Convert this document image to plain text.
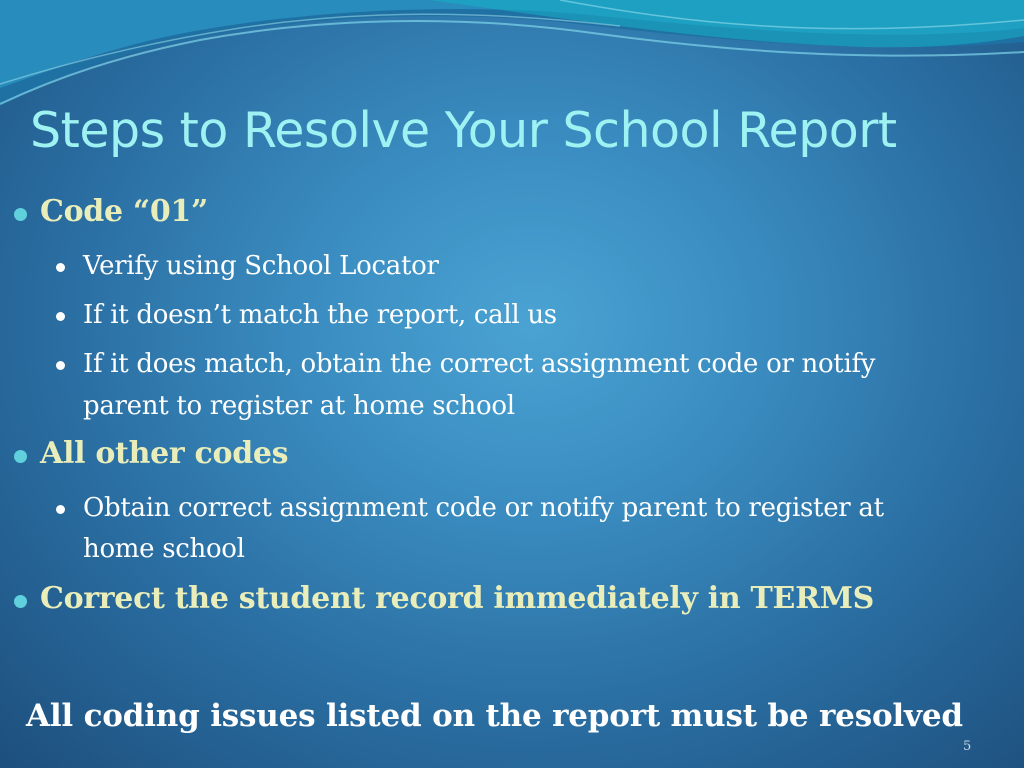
Steps to Resolve Your School Report
Code “01”
Verify using School Locator
If it doesn’t match the report, call us
If it does match, obtain the correct assignment code or notify
parent to register at home school
All other codes
Obtain correct assignment code or notify parent to register at
home school
Correct the student record immediately in TERMS
All coding issues listed on the report must be resolved
5
